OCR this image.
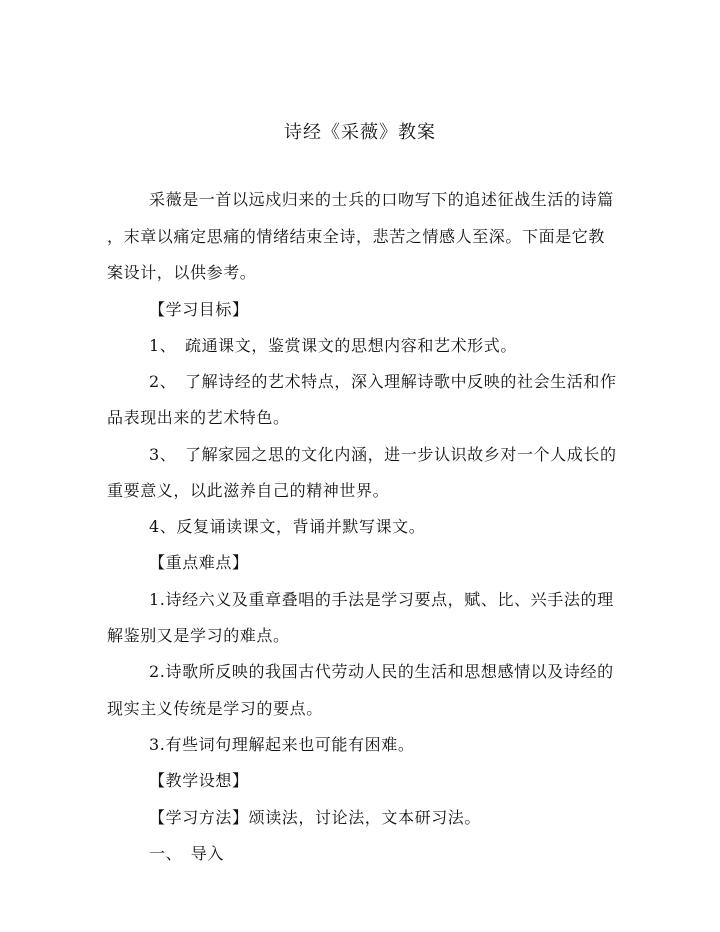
诗经《采薇》教案
采薇是一首以远戍归来的士兵的口吻写下的追述征战生活的诗篇
，末章以痛定思痛的情绪结束全诗，悲苦之情感人至深。下面是它教
案设计，以供参考。
【学习目标】
1、　疏通课文，鉴赏课文的思想内容和艺术形式。
2、　了解诗经的艺术特点，深入理解诗歌中反映的社会生活和作
品表现出来的艺术特色。
3、　了解家园之思的文化内涵，进一步认识故乡对一个人成长的
重要意义，以此滋养自己的精神世界。
4、反复诵读课文，背诵并默写课文。
【重点难点】
1.诗经六义及重章叠唱的手法是学习要点，赋、比、兴手法的理
解鉴别又是学习的难点。
2.诗歌所反映的我国古代劳动人民的生活和思想感情以及诗经的
现实主义传统是学习的要点。
3.有些词句理解起来也可能有困难。
【教学设想】
【学习方法】颂读法，讨论法，文本研习法。
一、　导入
